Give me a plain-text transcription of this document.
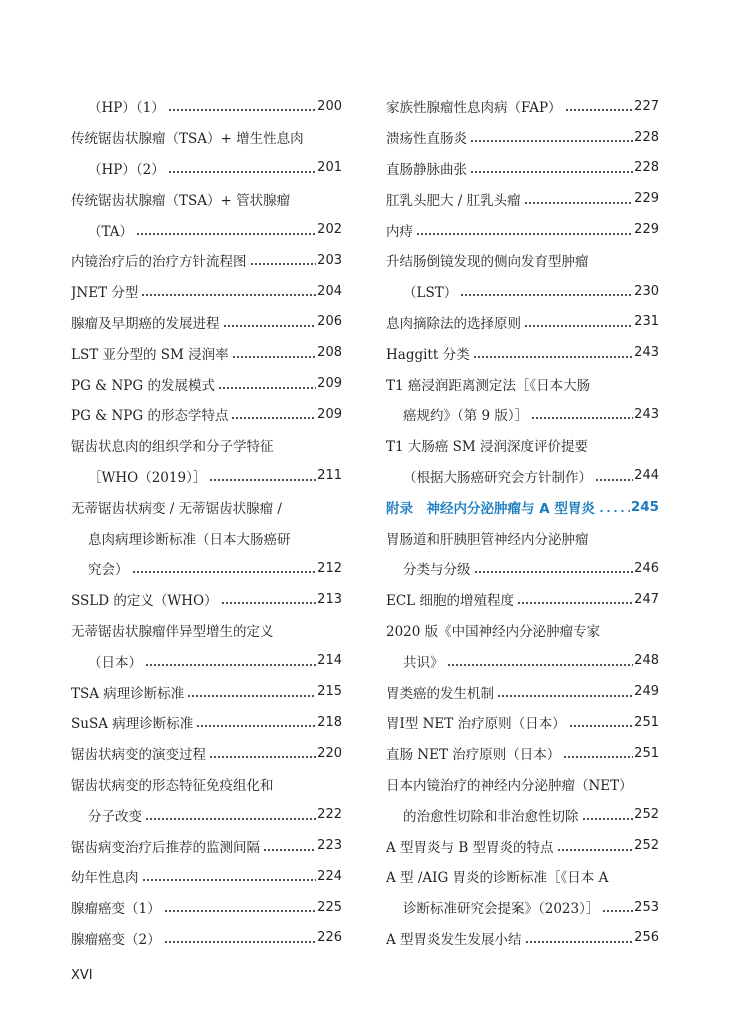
（HP）（1）	200
传统锯齿状腺瘤（TSA）+ 增生性息肉
（HP）（2）	201
传统锯齿状腺瘤（TSA）+ 管状腺瘤
（TA）	202
内镜治疗后的治疗方针流程图	203
JNET 分型	204
腺瘤及早期癌的发展进程	206
LST 亚分型的 SM 浸润率	208
PG & NPG 的发展模式	209
PG & NPG 的形态学特点	209
锯齿状息肉的组织学和分子学特征
［WHO（2019）］	211
无蒂锯齿状病变 / 无蒂锯齿状腺瘤 /
息肉病理诊断标准（日本大肠癌研
究会）	212
SSLD 的定义（WHO）	213
无蒂锯齿状腺瘤伴异型增生的定义
（日本）	214
TSA 病理诊断标准	215
SuSA 病理诊断标准	218
锯齿状病变的演变过程	220
锯齿状病变的形态特征免疫组化和
分子改变	222
锯齿病变治疗后推荐的监测间隔	223
幼年性息肉	224
腺瘤癌变（1）	225
腺瘤癌变（2）	226
家族性腺瘤性息肉病（FAP）	227
溃疡性直肠炎	228
直肠静脉曲张	228
肛乳头肥大 / 肛乳头瘤	229
内痔	229
升结肠倒镜发现的侧向发育型肿瘤
（LST）	230
息肉摘除法的选择原则	231
Haggitt 分类	243
T1 癌浸润距离测定法［《日本大肠
癌规约》（第 9 版）］	243
T1 大肠癌 SM 浸润深度评价提要
（根据大肠癌研究会方针制作）	244
附录　神经内分泌肿瘤与 A 型胃炎	245
胃肠道和肝胰胆管神经内分泌肿瘤
分类与分级	246
ECL 细胞的增殖程度	247
2020 版《中国神经内分泌肿瘤专家
共识》	248
胃类癌的发生机制	249
胃Ⅰ型 NET 治疗原则（日本）	251
直肠 NET 治疗原则（日本）	251
日本内镜治疗的神经内分泌肿瘤（NET）
的治愈性切除和非治愈性切除	252
A 型胃炎与 B 型胃炎的特点	252
A 型 /AIG 胃炎的诊断标准［《日本 A
诊断标准研究会提案》（2023）］	253
A 型胃炎发生发展小结	256
XVI
